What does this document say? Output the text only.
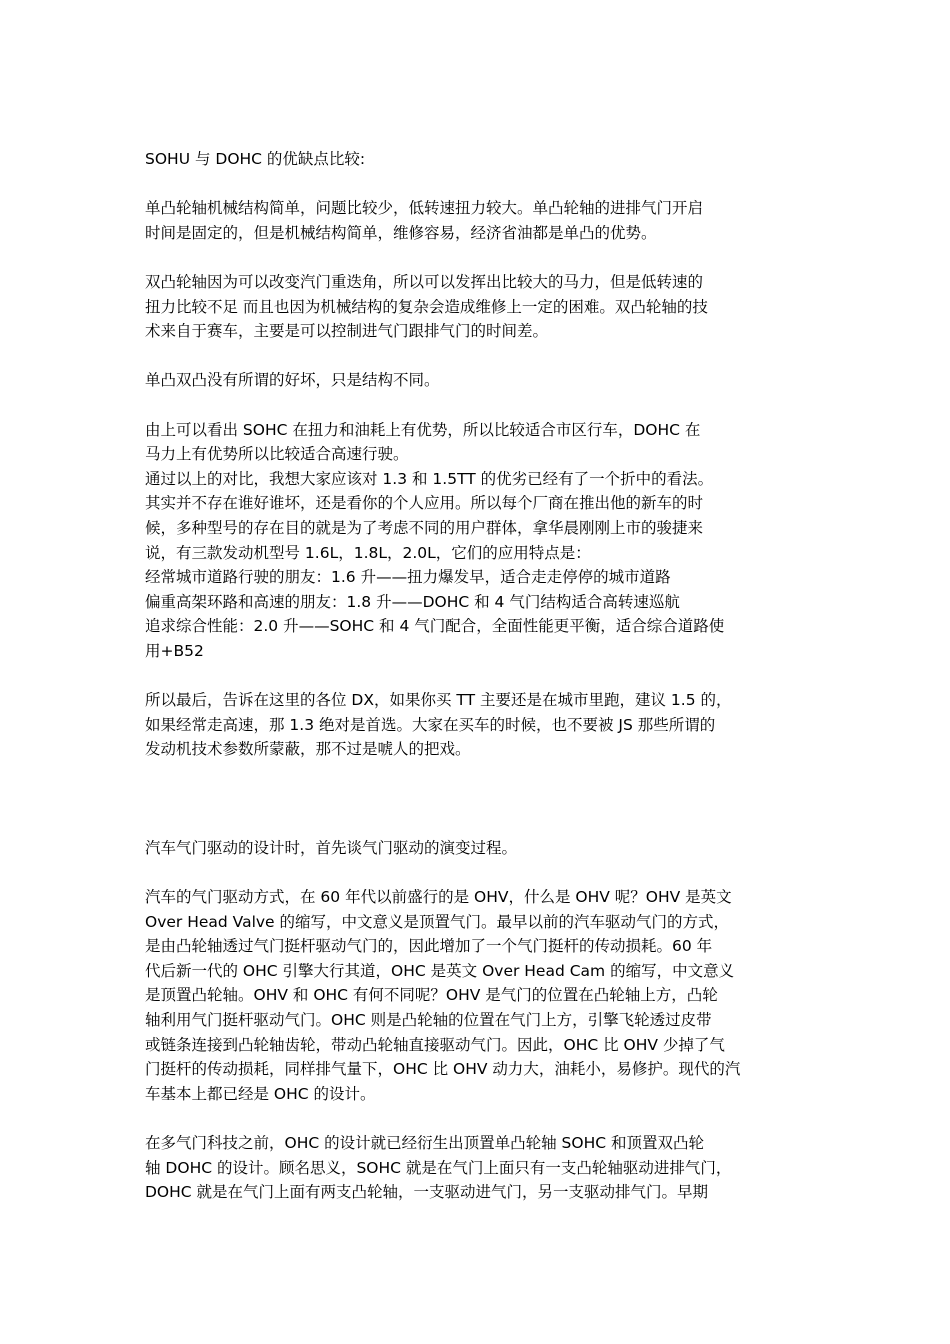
SOHU 与 DOHC 的优缺点比较:
单凸轮轴机械结构简单，问题比较少，低转速扭力较大。单凸轮轴的进排气门开启
时间是固定的，但是机械结构简单，维修容易，经济省油都是单凸的优势。
双凸轮轴因为可以改变汽门重迭角，所以可以发挥出比较大的马力，但是低转速的
扭力比较不足 而且也因为机械结构的复杂会造成维修上一定的困难。双凸轮轴的技
术来自于赛车，主要是可以控制进气门跟排气门的时间差。
单凸双凸没有所谓的好坏，只是结构不同。
由上可以看出 SOHC 在扭力和油耗上有优势，所以比较适合市区行车，DOHC 在
马力上有优势所以比较适合高速行驶。
通过以上的对比，我想大家应该对 1.3 和 1.5TT 的优劣已经有了一个折中的看法。
其实并不存在谁好谁坏，还是看你的个人应用。所以每个厂商在推出他的新车的时
候，多种型号的存在目的就是为了考虑不同的用户群体，拿华晨刚刚上市的骏捷来
说，有三款发动机型号 1.6L，1.8L，2.0L，它们的应用特点是：
经常城市道路行驶的朋友：1.6 升——扭力爆发早，适合走走停停的城市道路
偏重高架环路和高速的朋友：1.8 升——DOHC 和 4 气门结构适合高转速巡航
追求综合性能：2.0 升——SOHC 和 4 气门配合，全面性能更平衡，适合综合道路使
用+B52
所以最后，告诉在这里的各位 DX，如果你买 TT 主要还是在城市里跑，建议 1.5 的，
如果经常走高速，那 1.3 绝对是首选。大家在买车的时候，也不要被 JS 那些所谓的
发动机技术参数所蒙蔽，那不过是唬人的把戏。
汽车气门驱动的设计时，首先谈气门驱动的演变过程。
汽车的气门驱动方式，在 60 年代以前盛行的是 OHV，什么是 OHV 呢？OHV 是英文
Over Head Valve 的缩写，中文意义是顶置气门。最早以前的汽车驱动气门的方式，
是由凸轮轴透过气门挺杆驱动气门的，因此增加了一个气门挺杆的传动损耗。60 年
代后新一代的 OHC 引擎大行其道，OHC 是英文 Over Head Cam 的缩写，中文意义
是顶置凸轮轴。OHV 和 OHC 有何不同呢？OHV 是气门的位置在凸轮轴上方，凸轮
轴利用气门挺杆驱动气门。OHC 则是凸轮轴的位置在气门上方，引擎飞轮透过皮带
或链条连接到凸轮轴齿轮，带动凸轮轴直接驱动气门。因此，OHC 比 OHV 少掉了气
门挺杆的传动损耗，同样排气量下，OHC 比 OHV 动力大，油耗小，易修护。现代的汽
车基本上都已经是 OHC 的设计。
在多气门科技之前，OHC 的设计就已经衍生出顶置单凸轮轴 SOHC 和顶置双凸轮
轴 DOHC 的设计。顾名思义，SOHC 就是在气门上面只有一支凸轮轴驱动进排气门，
DOHC 就是在气门上面有两支凸轮轴，一支驱动进气门，另一支驱动排气门。早期
